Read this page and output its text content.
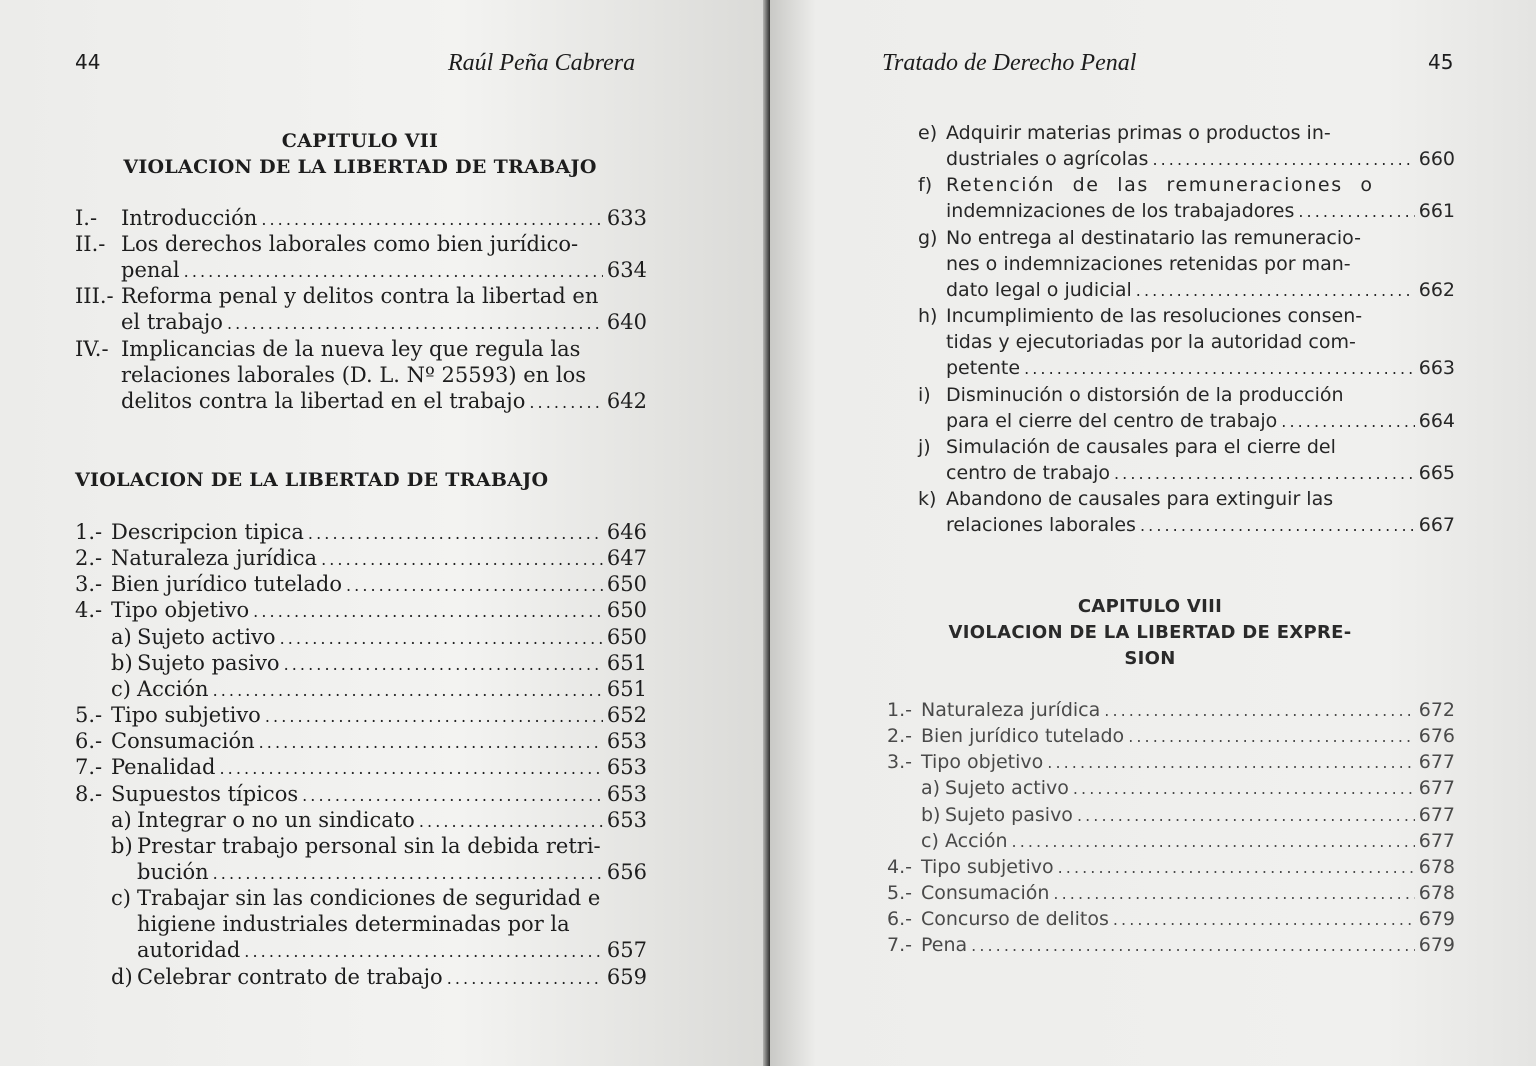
44	Raúl Peña Cabrera
CAPITULO VII
VIOLACION DE LA LIBERTAD DE TRABAJO
VIOLACION DE LA LIBERTAD DE TRABAJO
I.- Introducción . . .	633
II.- Los derechos laborales como bien jurídico-
penal . . .	634
III.- Reforma penal y delitos contra la libertad en
el trabajo . . .	640
IV.- Implicancias de la nueva ley que regula las
relaciones laborales (D. L. Nº 25593) en los
delitos contra la libertad en el trabajo . . .	642
1.- Descripcion tipica . . .	646
2.- Naturaleza jurídica . . .	647
3.- Bien jurídico tutelado . . .	650
4.- Tipo objetivo . . .	650
a) Sujeto activo . . .	650
b) Sujeto pasivo . . .	651
c) Acción . . .	651
5.- Tipo subjetivo . . .	652
6.- Consumación . . .	653
7.- Penalidad . . .	653
8.- Supuestos típicos . . .	653
a) Integrar o no un sindicato . . .	653
b) Prestar trabajo personal sin la debida retri-
bución . . .	656
c) Trabajar sin las condiciones de seguridad e
higiene industriales determinadas por la
autoridad . . .	657
d) Celebrar contrato de trabajo . . .	659
Tratado de Derecho Penal	45
CAPITULO VIII
VIOLACION DE LA LIBERTAD DE EXPRE-
SION
e) Adquirir materias primas o productos in-
dustriales o agrícolas . . .	660
f) Retención de las remuneraciones o
indemnizaciones de los trabajadores . . .	661
g) No entrega al destinatario las remuneracio-
nes o indemnizaciones retenidas por man-
dato legal o judicial . . .	662
h) Incumplimiento de las resoluciones consen-
tidas y ejecutoriadas por la autoridad com-
petente . . .	663
i) Disminución o distorsión de la producción
para el cierre del centro de trabajo . . .	664
j) Simulación de causales para el cierre del
centro de trabajo . . .	665
k) Abandono de causales para extinguir las
relaciones laborales . . .	667
1.- Naturaleza jurídica . . .	672
2.- Bien jurídico tutelado . . .	676
3.- Tipo objetivo . . .	677
a) Sujeto activo . . .	677
b) Sujeto pasivo . . .	677
c) Acción . . .	677
4.- Tipo subjetivo . . .	678
5.- Consumación . . .	678
6.- Concurso de delitos . . .	679
7.- Pena . . .	679
